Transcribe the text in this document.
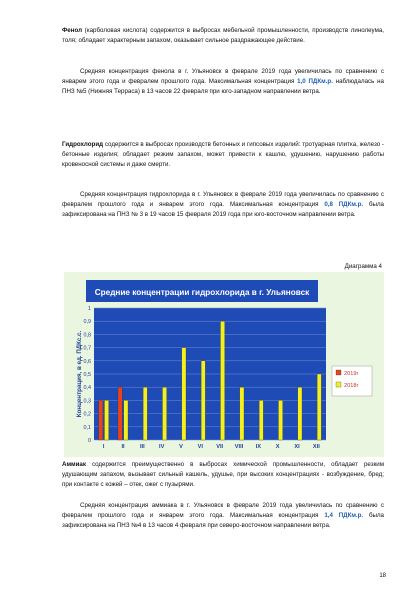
Фенол (карболовая кислота) содержится в выбросах мебельной промышленности, производств линолеума, толя; обладает характерным запахом, оказывает сильное раздражающее действие.

Средняя концентрация фенола в г. Ульяновск в феврале 2019 года увеличилась по сравнению с январем этого года и февралем прошлого года. Максимальная концентрация 1,0 ПДКм.р. наблюдалась на ПНЗ №5 (Нижняя Терраса) в 13 часов 22 февраля при юго-западном направлении ветра.

Гидрохлорид содержится в выбросах производств бетонных и гипсовых изделий: тротуарная плитка, железо - бетонные изделия; обладает резким запахом, может привести к кашлю, удушению, нарушению работы кровеносной системы и даже смерти.

Средняя концентрация гидрохлорида в г. Ульяновск в феврале 2019 года увеличилась по сравнению с февралем прошлого года и январем этого года. Максимальная концентрация 0,8 ПДКм.р. была зафиксирована на ПНЗ № 3 в 19 часов 15 февраля 2019 года при юго-восточном направлении ветра.

Диаграмма 4
Средние концентрации гидрохлорида в г. Ульяновск
Концентрация, в ед. ПДКс.с.
0
0,1
0,2
0,3
0,4
0,5
0,6
0,7
0,8
0,9
1
I	II	III	IV	V	VI VII VIII IX	X	XI XII
2019г
2018г

Аммиак содержится преимущественно в выбросах химической промышленности, обладает резким удушающим запахом, вызывает сильный кашель, удушье, при высоких концентрациях - возбуждение, бред; при контакте с кожей – отек, ожег с пузырями.

Средняя концентрация аммиака в г. Ульяновск в феврале 2019 года увеличилась по сравнению с февралем прошлого года и январем этого года. Максимальная концентрация 1,4 ПДКм.р. была зафиксирована на ПНЗ №4 в 13 часов 4 февраля при северо-восточном направлении ветра.

18
